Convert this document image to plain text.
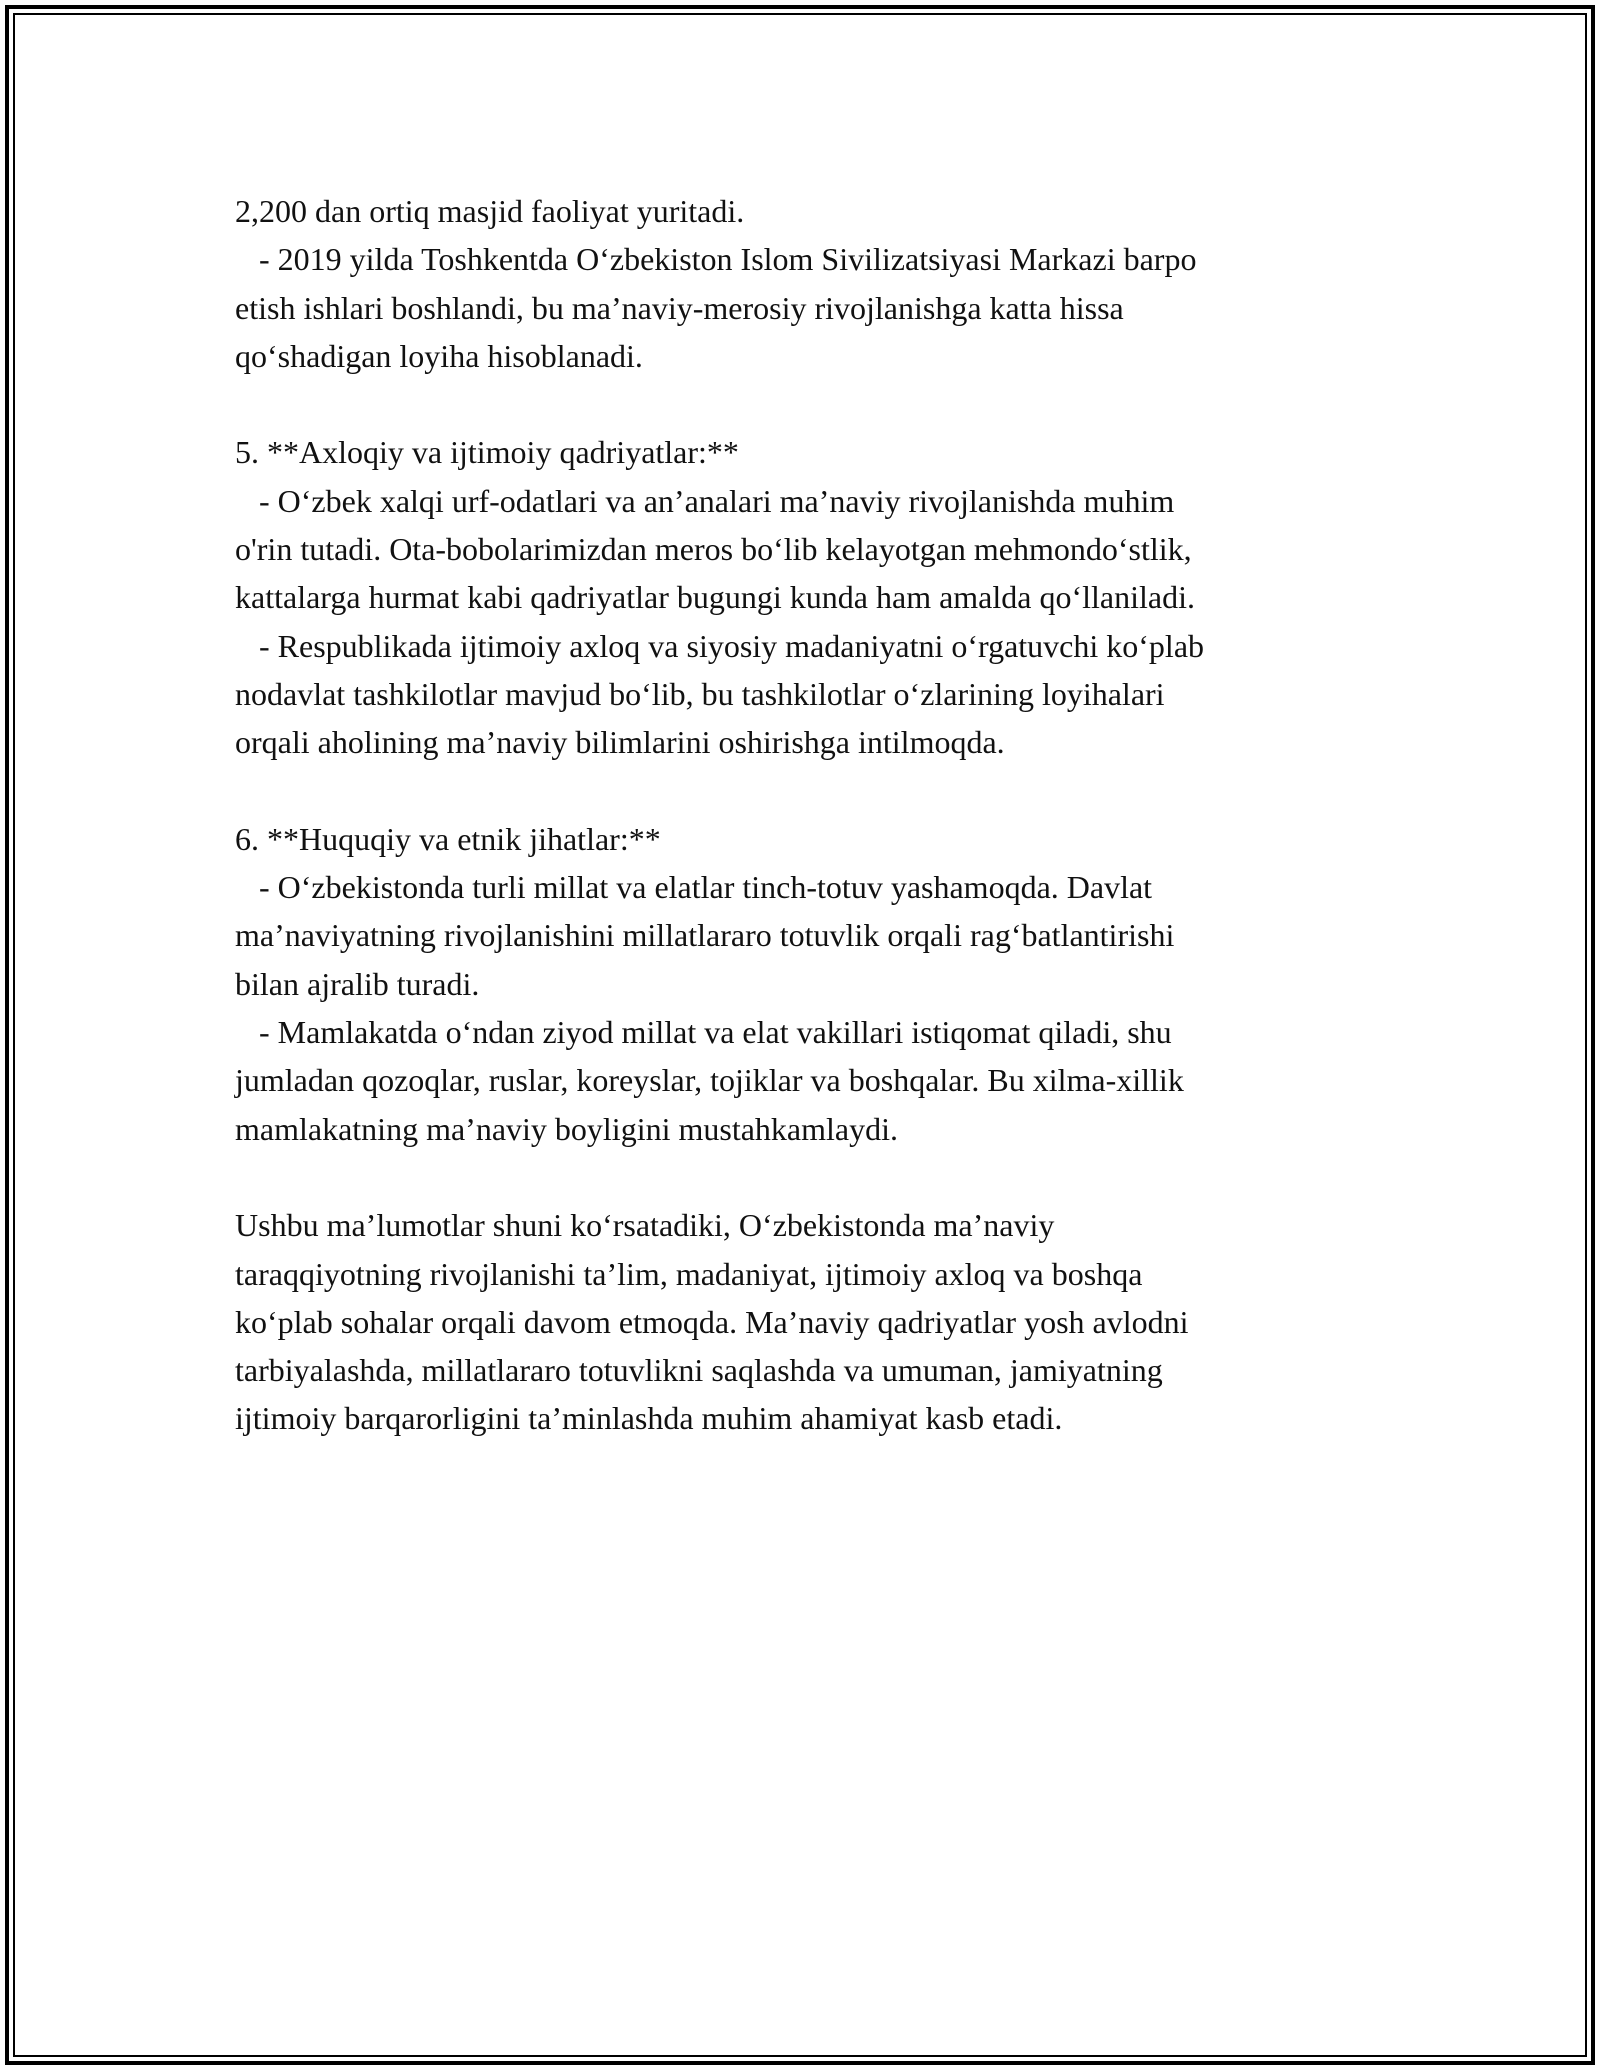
2,200 dan ortiq masjid faoliyat yuritadi.
- 2019 yilda Toshkentda O‘zbekiston Islom Sivilizatsiyasi Markazi barpo
etish ishlari boshlandi, bu ma’naviy-merosiy rivojlanishga katta hissa
qo‘shadigan loyiha hisoblanadi.
5. **Axloqiy va ijtimoiy qadriyatlar:**
- O‘zbek xalqi urf-odatlari va an’analari ma’naviy rivojlanishda muhim
o'rin tutadi. Ota-bobolarimizdan meros bo‘lib kelayotgan mehmondo‘stlik,
kattalarga hurmat kabi qadriyatlar bugungi kunda ham amalda qo‘llaniladi.
- Respublikada ijtimoiy axloq va siyosiy madaniyatni o‘rgatuvchi ko‘plab
nodavlat tashkilotlar mavjud bo‘lib, bu tashkilotlar o‘zlarining loyihalari
orqali aholining ma’naviy bilimlarini oshirishga intilmoqda.
6. **Huquqiy va etnik jihatlar:**
- O‘zbekistonda turli millat va elatlar tinch-totuv yashamoqda. Davlat
ma’naviyatning rivojlanishini millatlararo totuvlik orqali rag‘batlantirishi
bilan ajralib turadi.
- Mamlakatda o‘ndan ziyod millat va elat vakillari istiqomat qiladi, shu
jumladan qozoqlar, ruslar, koreyslar, tojiklar va boshqalar. Bu xilma-xillik
mamlakatning ma’naviy boyligini mustahkamlaydi.
Ushbu ma’lumotlar shuni ko‘rsatadiki, O‘zbekistonda ma’naviy
taraqqiyotning rivojlanishi ta’lim, madaniyat, ijtimoiy axloq va boshqa
ko‘plab sohalar orqali davom etmoqda. Ma’naviy qadriyatlar yosh avlodni
tarbiyalashda, millatlararo totuvlikni saqlashda va umuman, jamiyatning
ijtimoiy barqarorligini ta’minlashda muhim ahamiyat kasb etadi.
